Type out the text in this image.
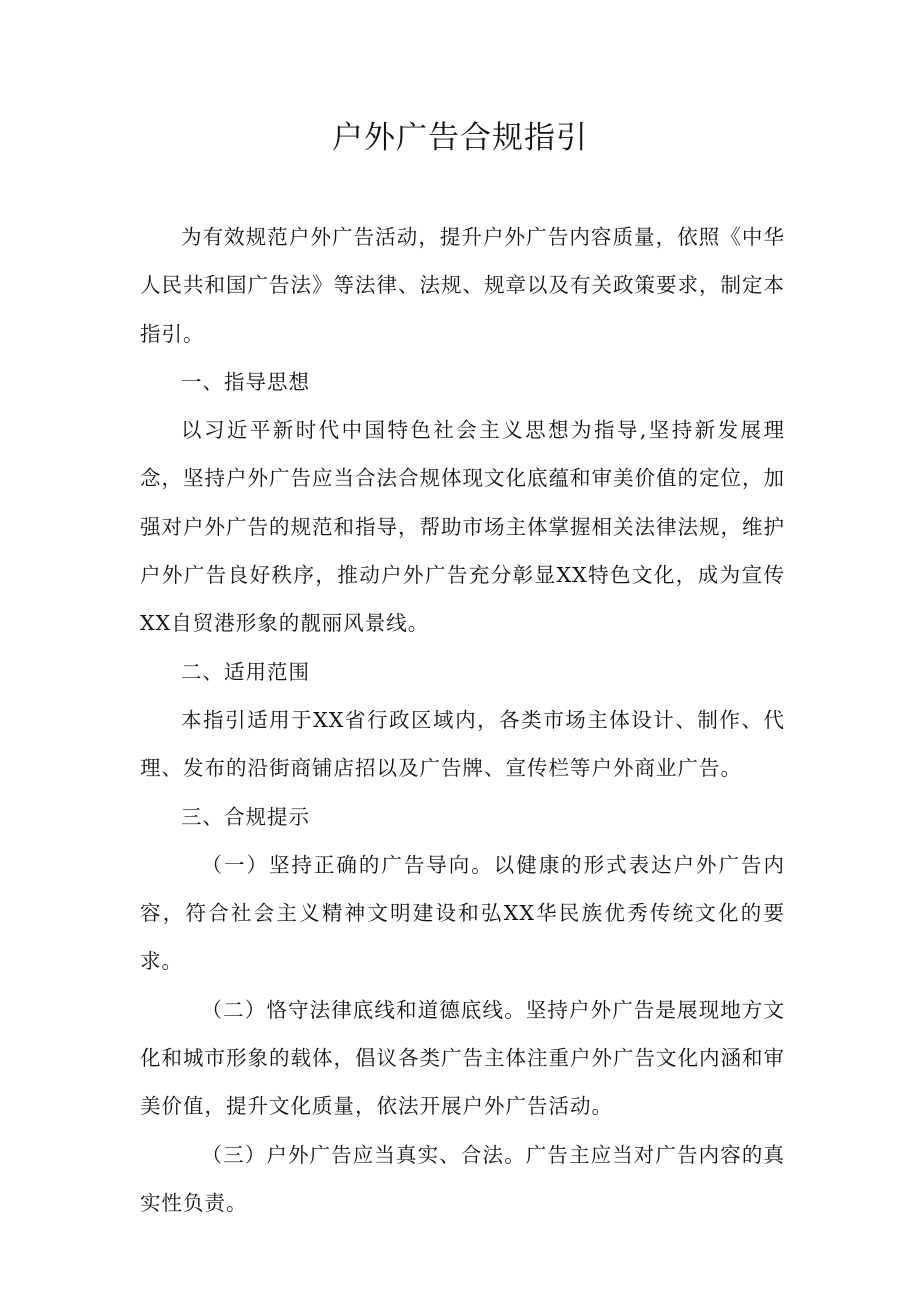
户外广告合规指引

为有效规范户外广告活动，提升户外广告内容质量，依照《中华人民共和国广告法》等法律、法规、规章以及有关政策要求，制定本指引。

一、指导思想

以习近平新时代中国特色社会主义思想为指导,坚持新发展理念，坚持户外广告应当合法合规体现文化底蕴和审美价值的定位，加强对户外广告的规范和指导，帮助市场主体掌握相关法律法规，维护户外广告良好秩序，推动户外广告充分彰显XX特色文化，成为宣传XX自贸港形象的靓丽风景线。

二、适用范围

本指引适用于XX省行政区域内，各类市场主体设计、制作、代理、发布的沿街商铺店招以及广告牌、宣传栏等户外商业广告。

三、合规提示

（一）坚持正确的广告导向。以健康的形式表达户外广告内容，符合社会主义精神文明建设和弘XX华民族优秀传统文化的要求。

（二）恪守法律底线和道德底线。坚持户外广告是展现地方文化和城市形象的载体，倡议各类广告主体注重户外广告文化内涵和审美价值，提升文化质量，依法开展户外广告活动。

（三）户外广告应当真实、合法。广告主应当对广告内容的真实性负责。
